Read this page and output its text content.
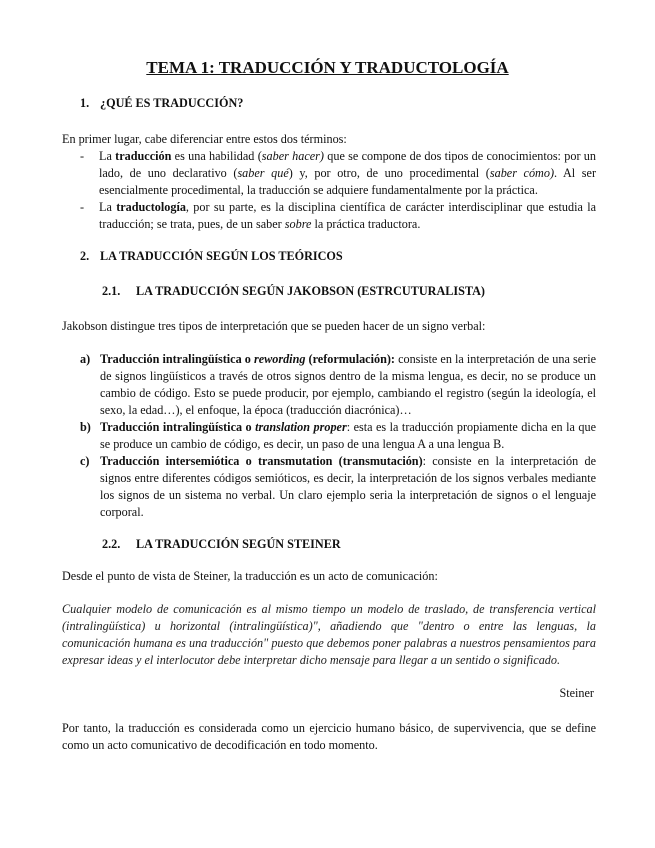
TEMA 1: TRADUCCIÓN Y TRADUCTOLOGÍA
1. ¿QUÉ ES TRADUCCIÓN?
En primer lugar, cabe diferenciar entre estos dos términos:

- La traducción es una habilidad (saber hacer) que se compone de dos tipos de conocimientos: por un lado, de uno declarativo (saber qué) y, por otro, de uno procedimental (saber cómo). Al ser esencialmente procedimental, la traducción se adquiere fundamentalmente por la práctica.

- La traductología, por su parte, es la disciplina científica de carácter interdisciplinar que estudia la traducción; se trata, pues, de un saber sobre la práctica traductora.

2. LA TRADUCCIÓN SEGÚN LOS TEÓRICOS
2.1. LA TRADUCCIÓN SEGÚN JAKOBSON (ESTRCUTURALISTA)
Jakobson distingue tres tipos de interpretación que se pueden hacer de un signo verbal:

a) Traducción intralingüística o rewording (reformulación): consiste en la interpretación de una serie de signos lingüísticos a través de otros signos dentro de la misma lengua, es decir, no se produce un cambio de código. Esto se puede producir, por ejemplo, cambiando el registro (según la ideología, el sexo, la edad…), el enfoque, la época (traducción diacrónica)…

b) Traducción intralingüística o translation proper: esta es la traducción propiamente dicha en la que se produce un cambio de código, es decir, un paso de una lengua A a una lengua B.

c) Traducción intersemiótica o transmutation (transmutación): consiste en la interpretación de signos entre diferentes códigos semióticos, es decir, la interpretación de los signos verbales mediante los signos de un sistema no verbal. Un claro ejemplo seria la interpretación de signos o el lenguaje corporal.

2.2. LA TRADUCCIÓN SEGÚN STEINER
Desde el punto de vista de Steiner, la traducción es un acto de comunicación:
Cualquier modelo de comunicación es al mismo tiempo un modelo de traslado, de transferencia vertical (intralingüística) u horizontal (intralingüística)", añadiendo que "dentro o entre las lenguas, la comunicación humana es una traducción" puesto que debemos poner palabras a nuestros pensamientos para expresar ideas y el interlocutor debe interpretar dicho mensaje para llegar a un sentido o significado.
Steiner
Por tanto, la traducción es considerada como un ejercicio humano básico, de supervivencia, que se define como un acto comunicativo de decodificación en todo momento.
